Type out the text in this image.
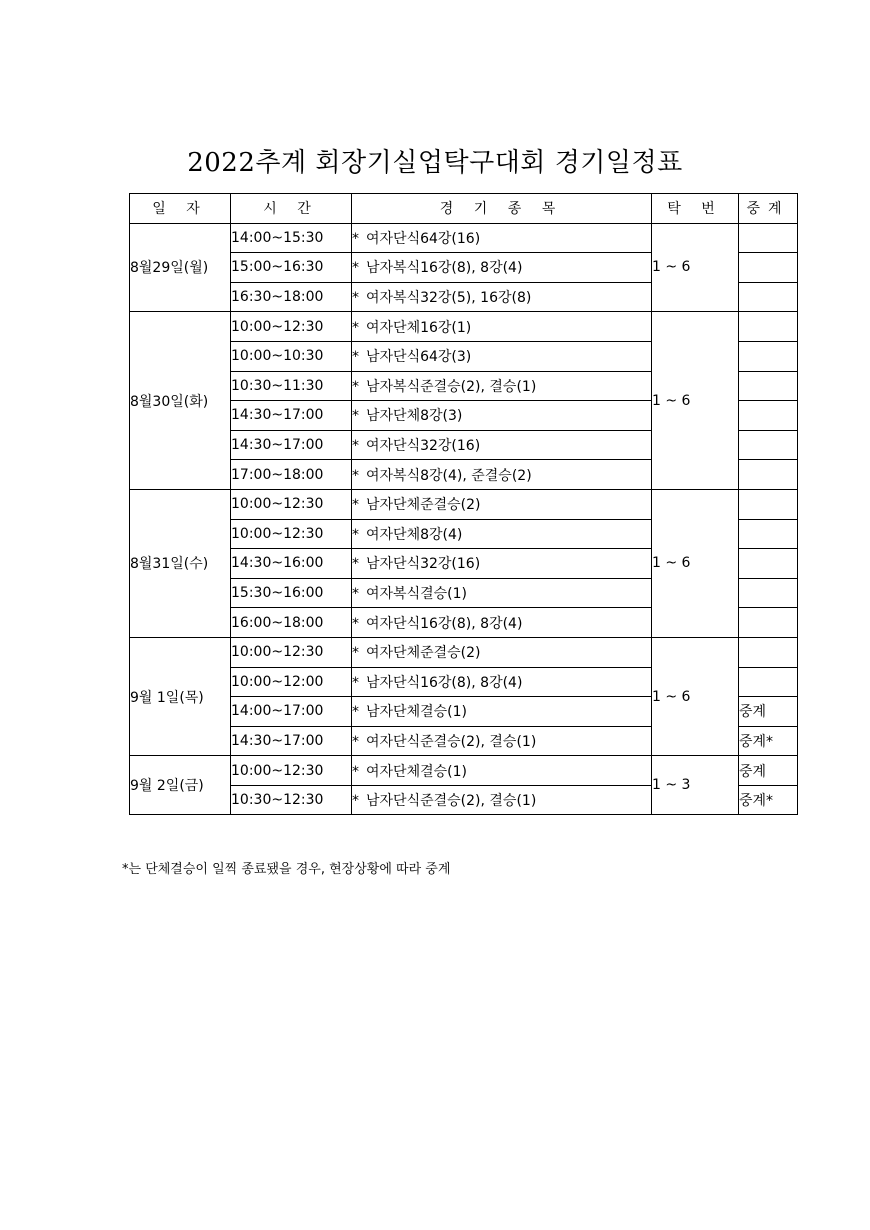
2022추계 회장기실업탁구대회 경기일정표
일 자	시 간	경 기 종 목	탁 번	중계
8월29일(월)	14:00~15:30	* 여자단식64강(16)	1 ~ 6	
	15:00~16:30	* 남자복식16강(8), 8강(4)		
	16:30~18:00	* 여자복식32강(5), 16강(8)		
8월30일(화)	10:00~12:30	* 여자단체16강(1)	1 ~ 6	
	10:00~10:30	* 남자단식64강(3)		
	10:30~11:30	* 남자복식준결승(2), 결승(1)		
	14:30~17:00	* 남자단체8강(3)		
	14:30~17:00	* 여자단식32강(16)		
	17:00~18:00	* 여자복식8강(4), 준결승(2)		
8월31일(수)	10:00~12:30	* 남자단체준결승(2)	1 ~ 6	
	10:00~12:30	* 여자단체8강(4)		
	14:30~16:00	* 남자단식32강(16)		
	15:30~16:00	* 여자복식결승(1)		
	16:00~18:00	* 여자단식16강(8), 8강(4)		
9월 1일(목)	10:00~12:30	* 여자단체준결승(2)	1 ~ 6	
	10:00~12:00	* 남자단식16강(8), 8강(4)		
	14:00~17:00	* 남자단체결승(1)		중계
	14:30~17:00	* 여자단식준결승(2), 결승(1)		중계*
9월 2일(금)	10:00~12:30	* 여자단체결승(1)	1 ~ 3	중계
	10:30~12:30	* 남자단식준결승(2), 결승(1)		중계*
*는 단체결승이 일찍 종료됐을 경우, 현장상황에 따라 중계
